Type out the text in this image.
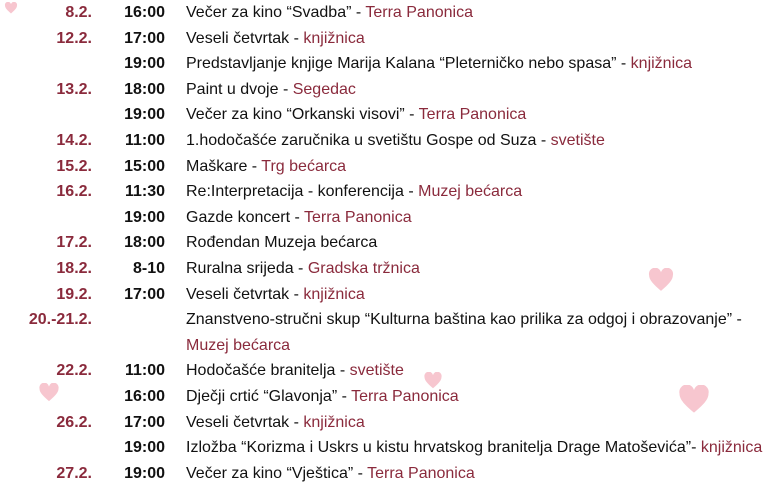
8.2. 16:00 Večer za kino “Svadba” - Terra Panonica
12.2. 17:00 Veseli četvrtak - knjižnica
19:00 Predstavljanje knjige Marija Kalana “Pleterničko nebo spasa” - knjižnica
13.2. 18:00 Paint u dvoje - Segedac
19:00 Večer za kino “Orkanski visovi” - Terra Panonica
14.2. 11:00 1.hodočašće zaručnika u svetištu Gospe od Suza - svetište
15.2. 15:00 Maškare - Trg bećarca
16.2. 11:30 Re:Interpretacija - konferencija - Muzej bećarca
19:00 Gazde koncert - Terra Panonica
17.2. 18:00 Rođendan Muzeja bećarca
18.2.	8-10 Ruralna srijeda - Gradska tržnica
19.2. 17:00 Veseli četvrtak - knjižnica
20.-21.2.	Znanstveno-stručni skup “Kulturna baština kao prilika za odgoj i obrazovanje” -
Muzej bećarca
22.2. 11:00 Hodočašće branitelja - svetište
16:00 Dječji crtić “Glavonja” - Terra Panonica
26.2. 17:00 Veseli četvrtak - knjižnica
19:00 Izložba “Korizma i Uskrs u kistu hrvatskog branitelja Drage Matoševića”- knjižnica
27.2. 19:00 Večer za kino “Vještica” - Terra Panonica
